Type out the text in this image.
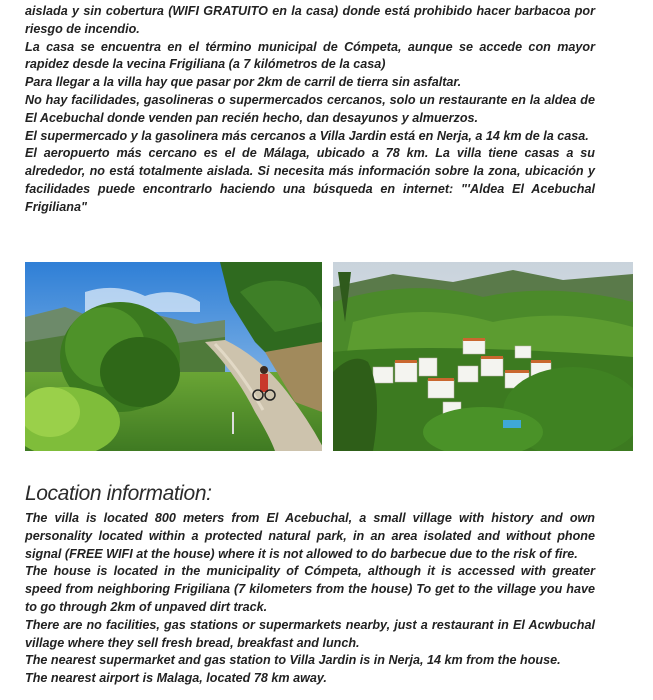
aislada y sin cobertura (WIFI GRATUITO en la casa) donde está prohibido hacer barbacoa por riesgo de incendio.

La casa se encuentra en el término municipal de Cómpeta, aunque se accede con mayor rapidez desde la vecina Frigiliana (a 7 kilómetros de la casa)

Para llegar a la villa hay que pasar por 2km de carril de tierra sin asfaltar.

No hay facilidades, gasolineras o supermercados cercanos, solo un restaurante en la aldea de El Acebuchal donde venden pan recién hecho, dan desayunos y almuerzos.

El supermercado y la gasolinera más cercanos a Villa Jardin está en Nerja, a 14 km de la casa.

El aeropuerto más cercano es el de Málaga, ubicado a 78 km. La villa tiene casas a su alrededor, no está totalmente aislada. Si necesita más información sobre la zona, ubicación y facilidades puede encontrarlo haciendo una búsqueda en internet: "'Aldea El Acebuchal Frigiliana"

Location information:

The villa is located 800 meters from El Acebuchal, a small village with history and own personality located within a protected natural park, in an area isolated and without phone signal (FREE WIFI at the house) where it is not allowed to do barbecue due to the risk of fire.

The house is located in the municipality of Cómpeta, although it is accessed with greater speed from neighboring Frigiliana (7 kilometers from the house) To get to the village you have to go through 2km of unpaved dirt track.

There are no facilities, gas stations or supermarkets nearby, just a restaurant in El Acwbuchal village where they sell fresh bread, breakfast and lunch.

The nearest supermarket and gas station to Villa Jardin is in Nerja, 14 km from the house.

The nearest airport is Malaga, located 78 km away.
